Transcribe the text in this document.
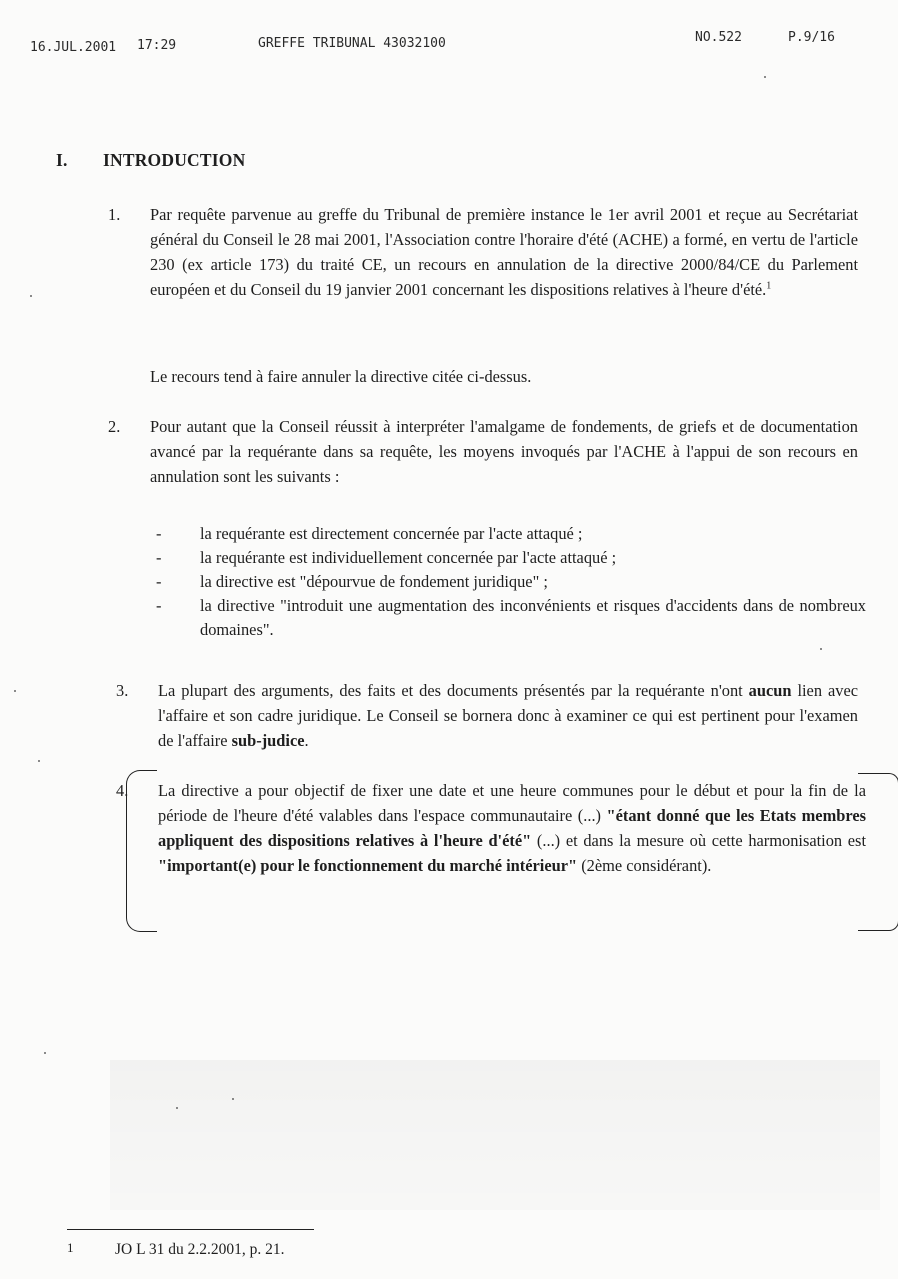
16.JUL.2001 17:29	GREFFE TRIBUNAL 43032100	NO.522	P.9/16
I. INTRODUCTION
1. Par requête parvenue au greffe du Tribunal de première instance le 1er avril 2001 et reçue au Secrétariat général du Conseil le 28 mai 2001, l'Association contre l'horaire d'été (ACHE) a formé, en vertu de l'article 230 (ex article 173) du traité CE, un recours en annulation de la directive 2000/84/CE du Parlement européen et du Conseil du 19 janvier 2001 concernant les dispositions relatives à l'heure d'été.$^1$
Le recours tend à faire annuler la directive citée ci-dessus.
2. Pour autant que la Conseil réussit à interpréter l'amalgame de fondements, de griefs et de documentation avancé par la requérante dans sa requête, les moyens invoqués par l'ACHE à l'appui de son recours en annulation sont les suivants :
- la requérante est directement concernée par l'acte attaqué ;
- la requérante est individuellement concernée par l'acte attaqué ;
- la directive est "dépourvue de fondement juridique" ;
- la directive "introduit une augmentation des inconvénients et risques d'accidents dans de nombreux domaines".
3. La plupart des arguments, des faits et des documents présentés par la requérante n'ont aucun lien avec l'affaire et son cadre juridique. Le Conseil se bornera donc à examiner ce qui est pertinent pour l'examen de l'affaire sub-judice.
4. La directive a pour objectif de fixer une date et une heure communes pour le début et pour la fin de la période de l'heure d'été valables dans l'espace communautaire (...) "étant donné que les Etats membres appliquent des dispositions relatives à l'heure d'été" (...) et dans la mesure où cette harmonisation est "important(e) pour le fonctionnement du marché intérieur" (2ème considérant).
1	JO L 31 du 2.2.2001, p. 21.
